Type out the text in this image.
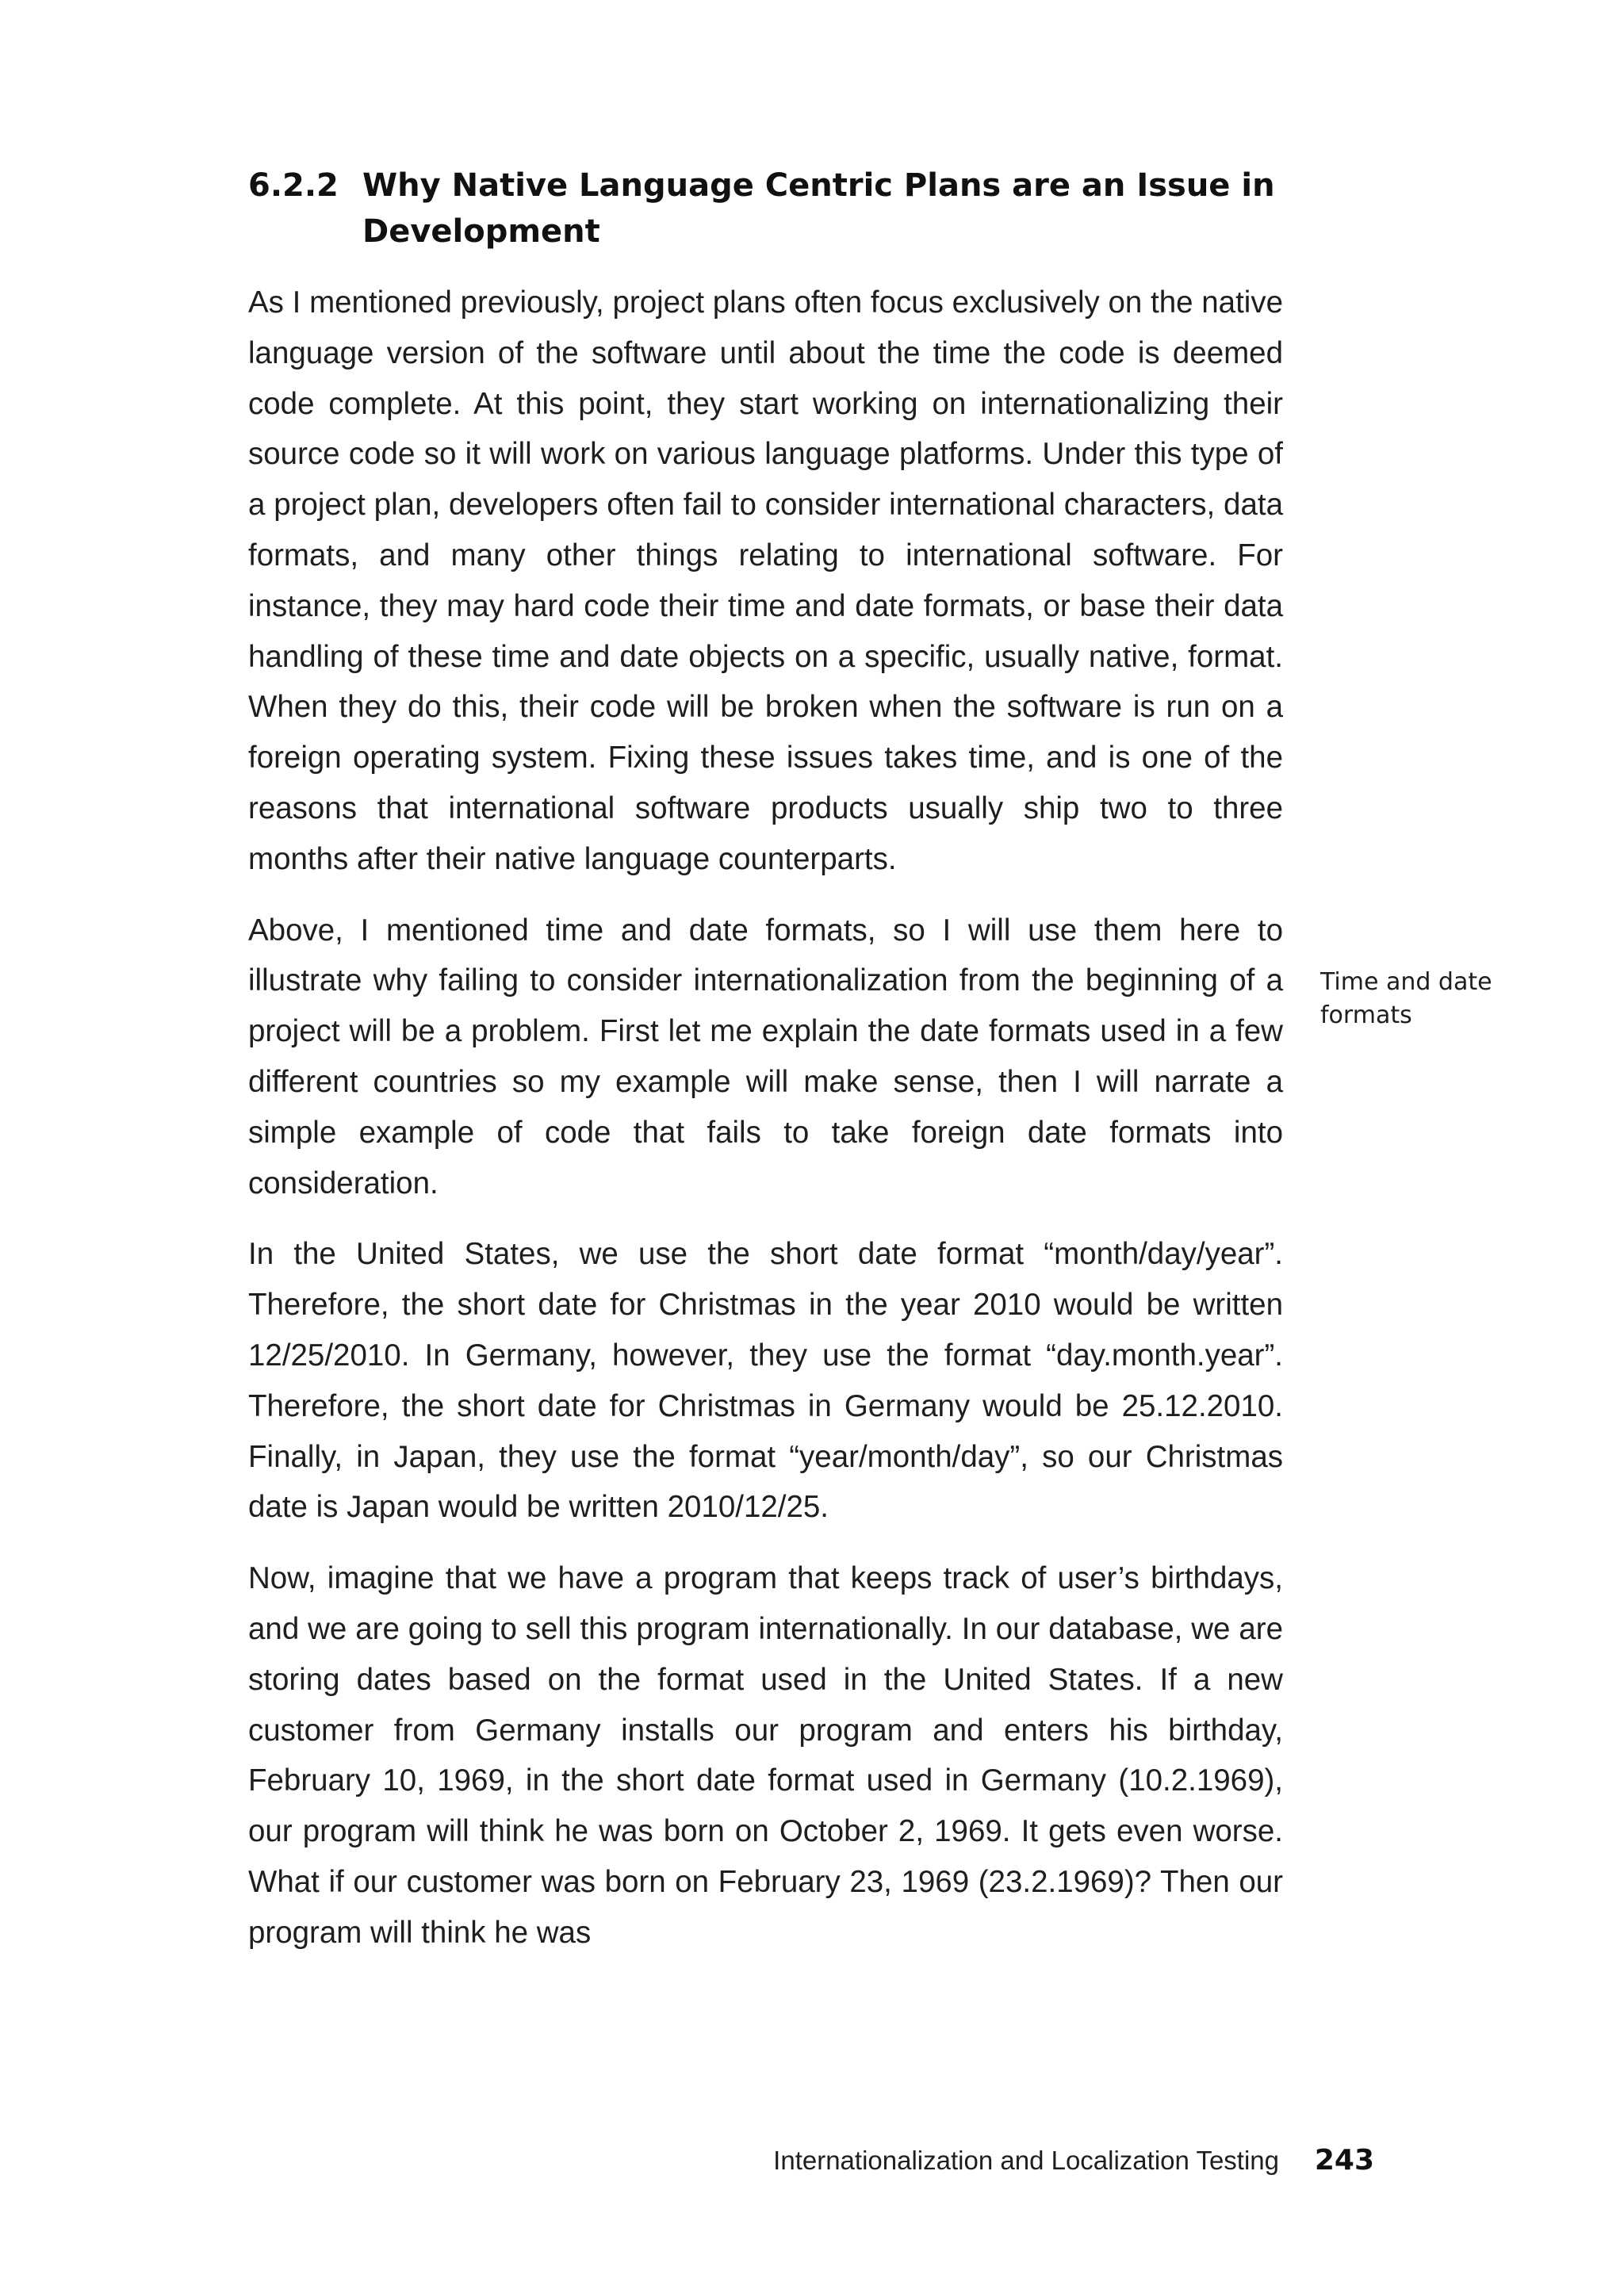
6.2.2 Why Native Language Centric Plans are an Issue in Development

As I mentioned previously, project plans often focus exclusively on the native language version of the software until about the time the code is deemed code complete. At this point, they start working on internationalizing their source code so it will work on various language platforms. Under this type of a project plan, developers often fail to consider international characters, data formats, and many other things relating to international software. For instance, they may hard code their time and date formats, or base their data handling of these time and date objects on a specific, usually native, format. When they do this, their code will be broken when the software is run on a foreign operating system. Fixing these issues takes time, and is one of the reasons that international software products usually ship two to three months after their native language counterparts.

Above, I mentioned time and date formats, so I will use them here to illustrate why failing to consider internationalization from the beginning of a project will be a problem. First let me explain the date formats used in a few different countries so my example will make sense, then I will narrate a simple example of code that fails to take foreign date formats into consideration.

In the United States, we use the short date format “month/day/year”. Therefore, the short date for Christmas in the year 2010 would be written 12/25/2010. In Germany, however, they use the format “day.month.year”. Therefore, the short date for Christmas in Germany would be 25.12.2010. Finally, in Japan, they use the format “year/month/day”, so our Christmas date is Japan would be written 2010/12/25.

Now, imagine that we have a program that keeps track of user’s birthdays, and we are going to sell this program internationally. In our database, we are storing dates based on the format used in the United States. If a new customer from Germany installs our program and enters his birthday, February 10, 1969, in the short date format used in Germany (10.2.1969), our program will think he was born on October 2, 1969. It gets even worse. What if our customer was born on February 23, 1969 (23.2.1969)? Then our program will think he was

Time and date formats
Internationalization and Localization Testing 243
